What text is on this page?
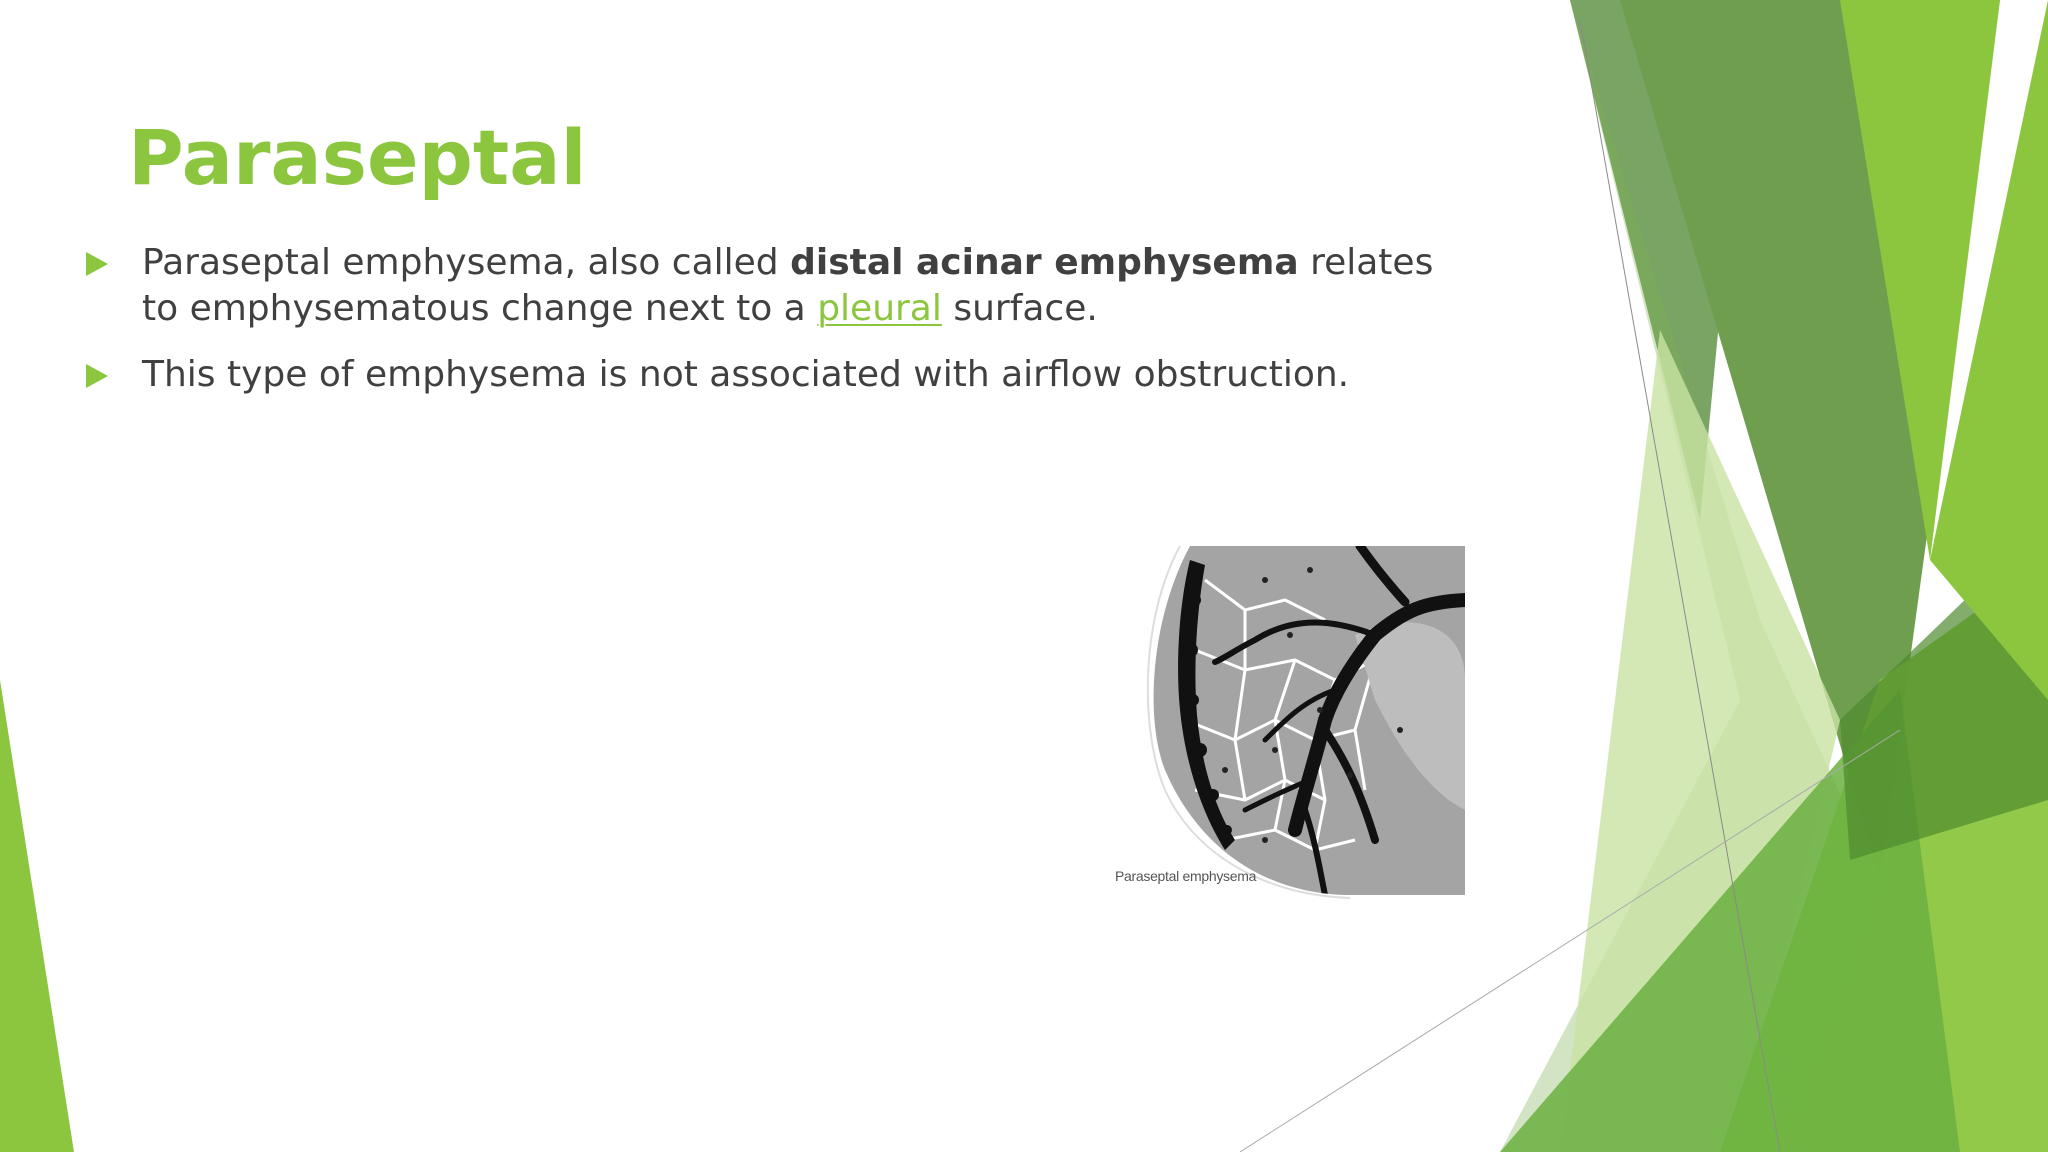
Paraseptal
Paraseptal emphysema, also called distal acinar emphysema relates to emphysematous change next to a pleural surface.
This type of emphysema is not associated with airflow obstruction.
Paraseptal emphysema
